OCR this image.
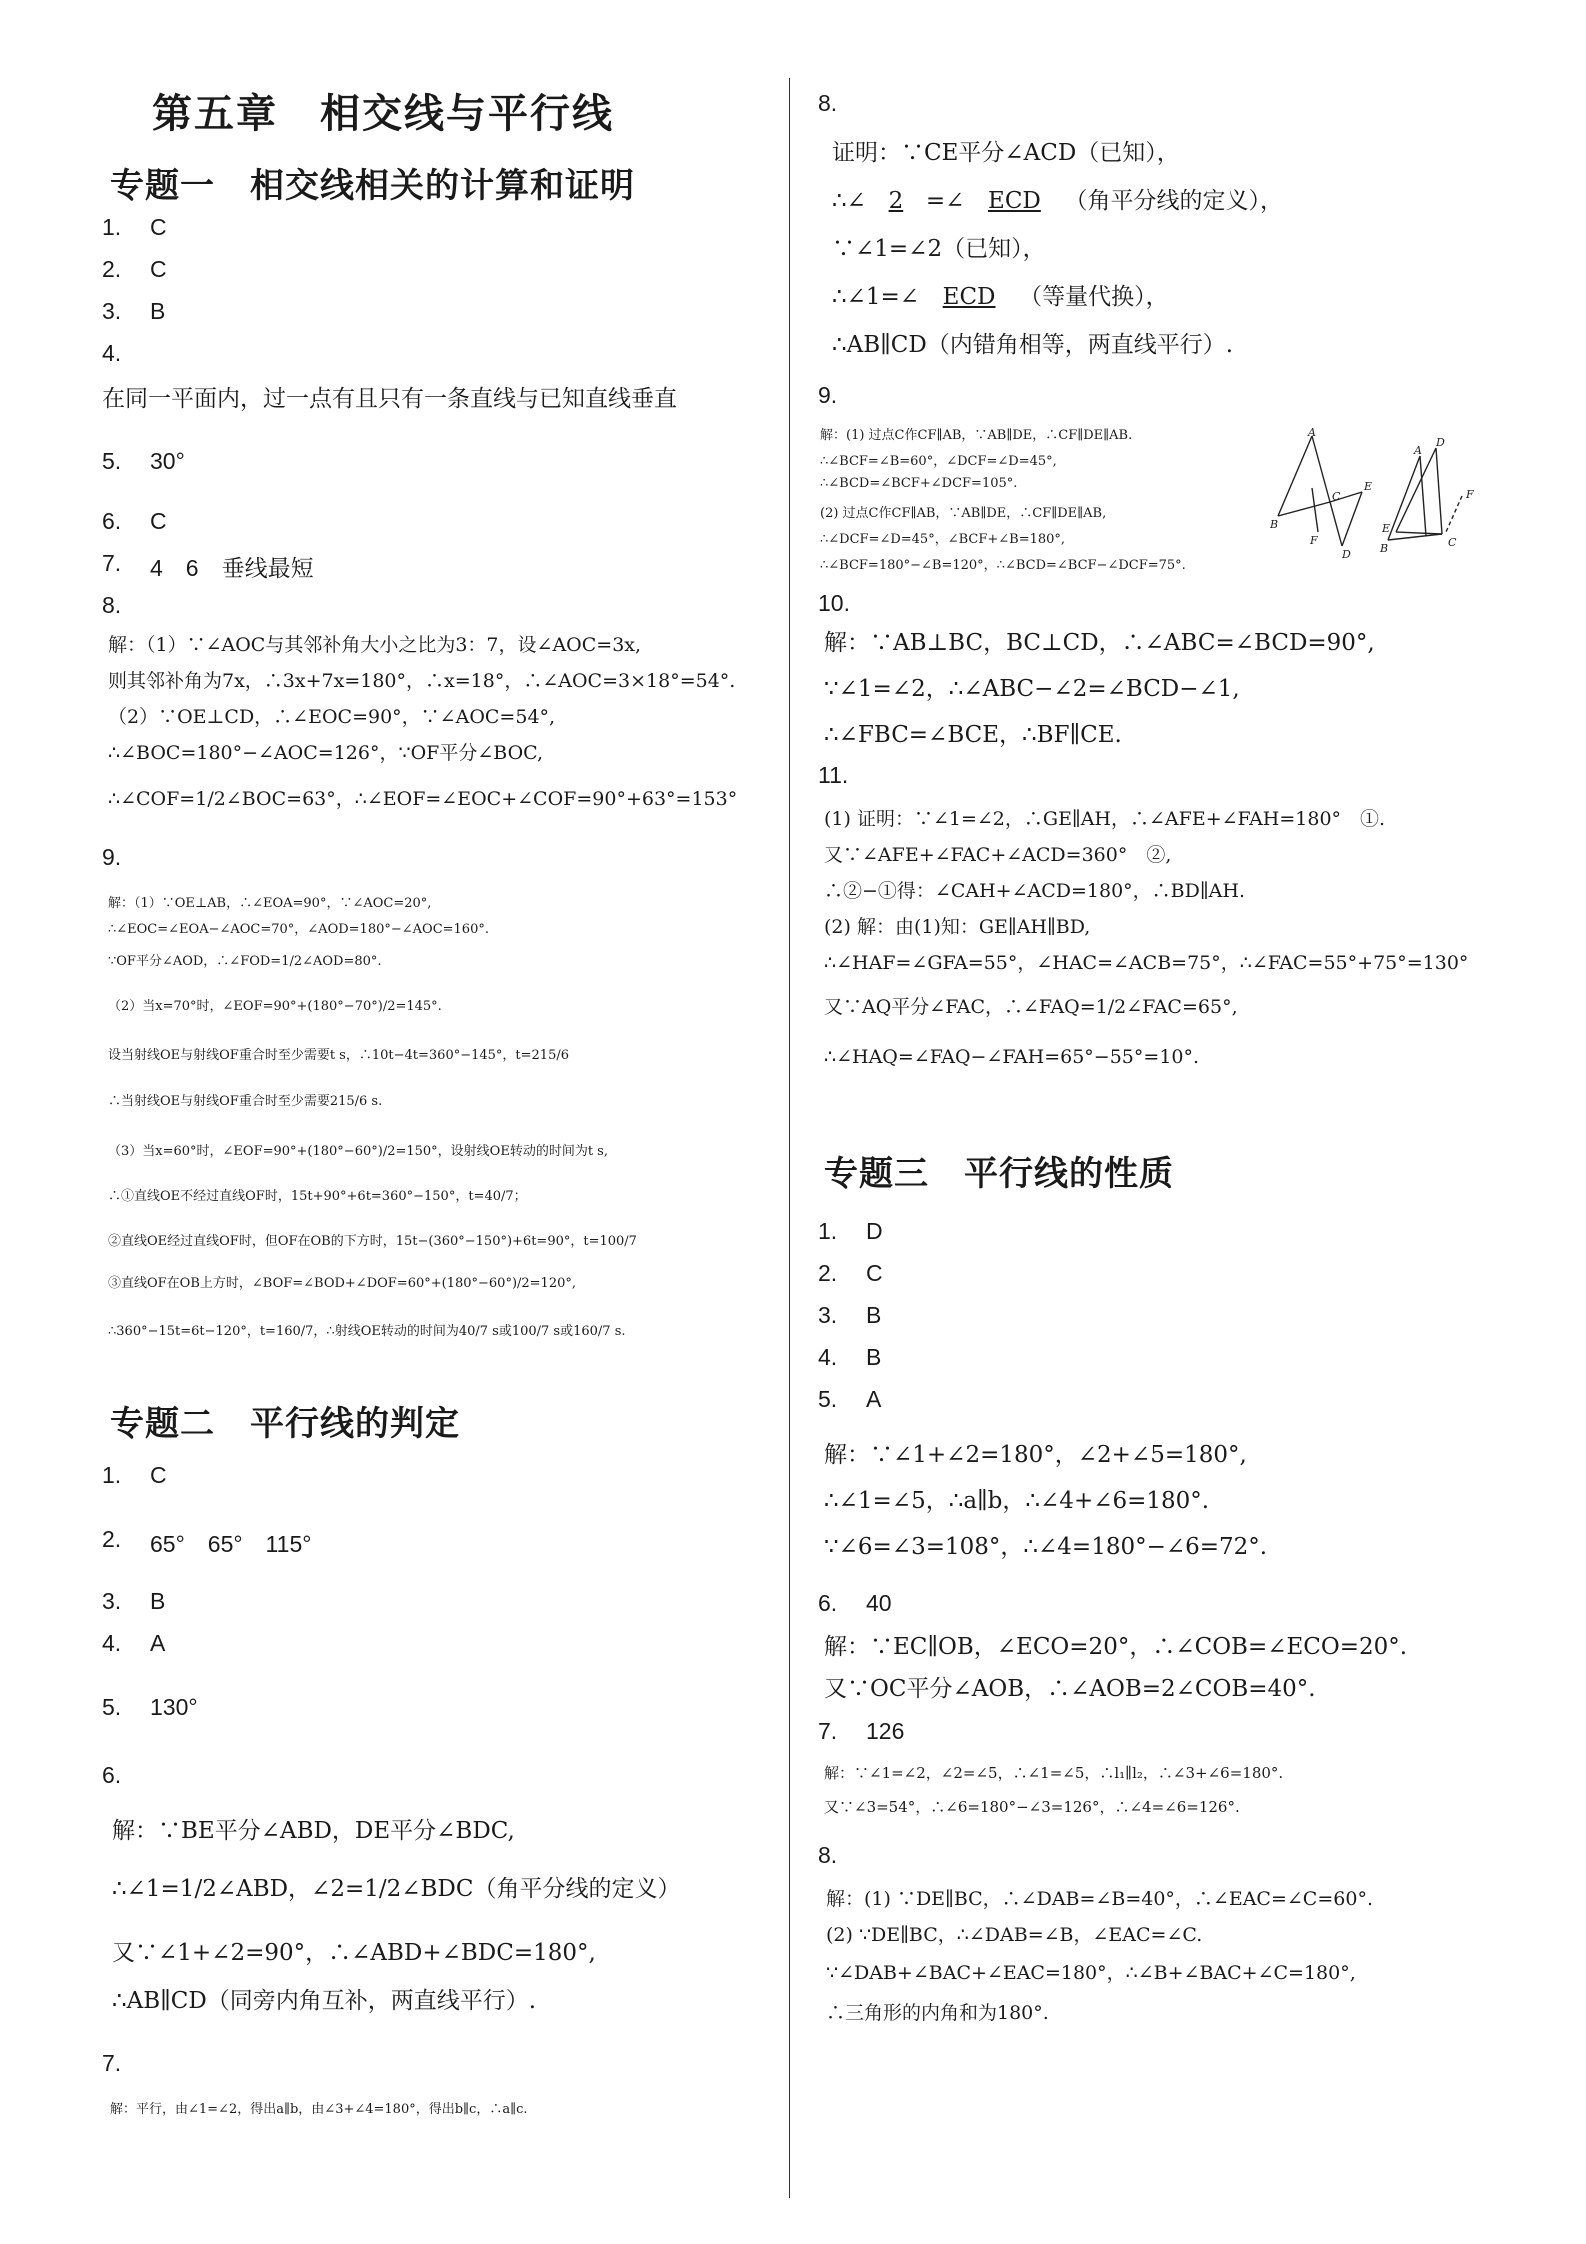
第五章　相交线与平行线
专题一　相交线相关的计算和证明
1. C
2. C
3. B
4.
在同一平面内，过一点有且只有一条直线与已知直线垂直
5. 30°
6. C
7. 4　6　垂线最短
8.
解：（1）∵∠AOC与其邻补角大小之比为3：7，设∠AOC=3x,
则其邻补角为7x，∴3x+7x=180°，∴x=18°，∴∠AOC=3×18°=54°.
（2）∵OE⊥CD，∴∠EOC=90°，∵∠AOC=54°,
∴∠BOC=180°−∠AOC=126°，∵OF平分∠BOC,
∴∠COF=1/2∠BOC=63°，∴∠EOF=∠EOC+∠COF=90°+63°=153°
9.
解：（1）∵OE⊥AB，∴∠EOA=90°，∵∠AOC=20°,
∴∠EOC=∠EOA−∠AOC=70°，∠AOD=180°−∠AOC=160°.
∵OF平分∠AOD，∴∠FOD=1/2∠AOD=80°.
（2）当x=70°时，∠EOF=90°+(180°−70°)/2=145°.
设当射线OE与射线OF重合时至少需要t s，∴10t−4t=360°−145°，t=215/6
∴当射线OE与射线OF重合时至少需要215/6 s.
（3）当x=60°时，∠EOF=90°+(180°−60°)/2=150°，设射线OE转动的时间为t s,
∴①直线OE不经过直线OF时，15t+90°+6t=360°−150°，t=40/7；
②直线OE经过直线OF时，但OF在OB的下方时，15t−(360°−150°)+6t=90°，t=100/7
③直线OF在OB上方时，∠BOF=∠BOD+∠DOF=60°+(180°−60°)/2=120°,
∴360°−15t=6t−120°，t=160/7，∴射线OE转动的时间为40/7 s或100/7 s或160/7 s.
专题二　平行线的判定
1. C
2. 65°　65°　115°
3. B
4. A
5. 130°
6.
解：∵BE平分∠ABD，DE平分∠BDC,
∴∠1=1/2∠ABD，∠2=1/2∠BDC（角平分线的定义）
又∵∠1+∠2=90°，∴∠ABD+∠BDC=180°,
∴AB∥CD（同旁内角互补，两直线平行）.
7.
解：平行，由∠1=∠2，得出a∥b，由∠3+∠4=180°，得出b∥c，∴a∥c.
8.
证明：∵CE平分∠ACD（已知），
∴∠ 2 =∠ ECD （角平分线的定义），
∵∠1=∠2（已知），
∴∠1=∠ ECD （等量代换），
∴AB∥CD（内错角相等，两直线平行）.
9.
解：(1) 过点C作CF∥AB，∵AB∥DE，∴CF∥DE∥AB.
∴∠BCF=∠B=60°，∠DCF=∠D=45°,
∴∠BCD=∠BCF+∠DCF=105°.
(2) 过点C作CF∥AB，∵AB∥DE，∴CF∥DE∥AB,
∴∠DCF=∠D=45°，∠BCF+∠B=180°,
∴∠BCF=180°−∠B=120°，∴∠BCD=∠BCF−∠DCF=75°.
A
C
E
B
F
D
A
D
E
B	C
F
10.
解：∵AB⊥BC，BC⊥CD，∴∠ABC=∠BCD=90°,
∵∠1=∠2，∴∠ABC−∠2=∠BCD−∠1,
∴∠FBC=∠BCE，∴BF∥CE.
11.
(1) 证明：∵∠1=∠2，∴GE∥AH，∴∠AFE+∠FAH=180°　①.
又∵∠AFE+∠FAC+∠ACD=360°　②,
∴②−①得：∠CAH+∠ACD=180°，∴BD∥AH.
(2) 解：由(1)知：GE∥AH∥BD,
∴∠HAF=∠GFA=55°，∠HAC=∠ACB=75°，∴∠FAC=55°+75°=130°
又∵AQ平分∠FAC，∴∠FAQ=1/2∠FAC=65°,
∴∠HAQ=∠FAQ−∠FAH=65°−55°=10°.
专题三　平行线的性质
1. D
2. C
3. B
4. B
5. A
解：∵∠1+∠2=180°，∠2+∠5=180°,
∴∠1=∠5，∴a∥b，∴∠4+∠6=180°.
∵∠6=∠3=108°，∴∠4=180°−∠6=72°.
6. 40
解：∵EC∥OB，∠ECO=20°，∴∠COB=∠ECO=20°.
又∵OC平分∠AOB，∴∠AOB=2∠COB=40°.
7. 126
解：∵∠1=∠2，∠2=∠5，∴∠1=∠5，∴l₁∥l₂，∴∠3+∠6=180°.
又∵∠3=54°，∴∠6=180°−∠3=126°，∴∠4=∠6=126°.
8.
解：(1) ∵DE∥BC，∴∠DAB=∠B=40°，∴∠EAC=∠C=60°.
(2) ∵DE∥BC，∴∠DAB=∠B，∠EAC=∠C.
∵∠DAB+∠BAC+∠EAC=180°，∴∠B+∠BAC+∠C=180°,
∴三角形的内角和为180°.
